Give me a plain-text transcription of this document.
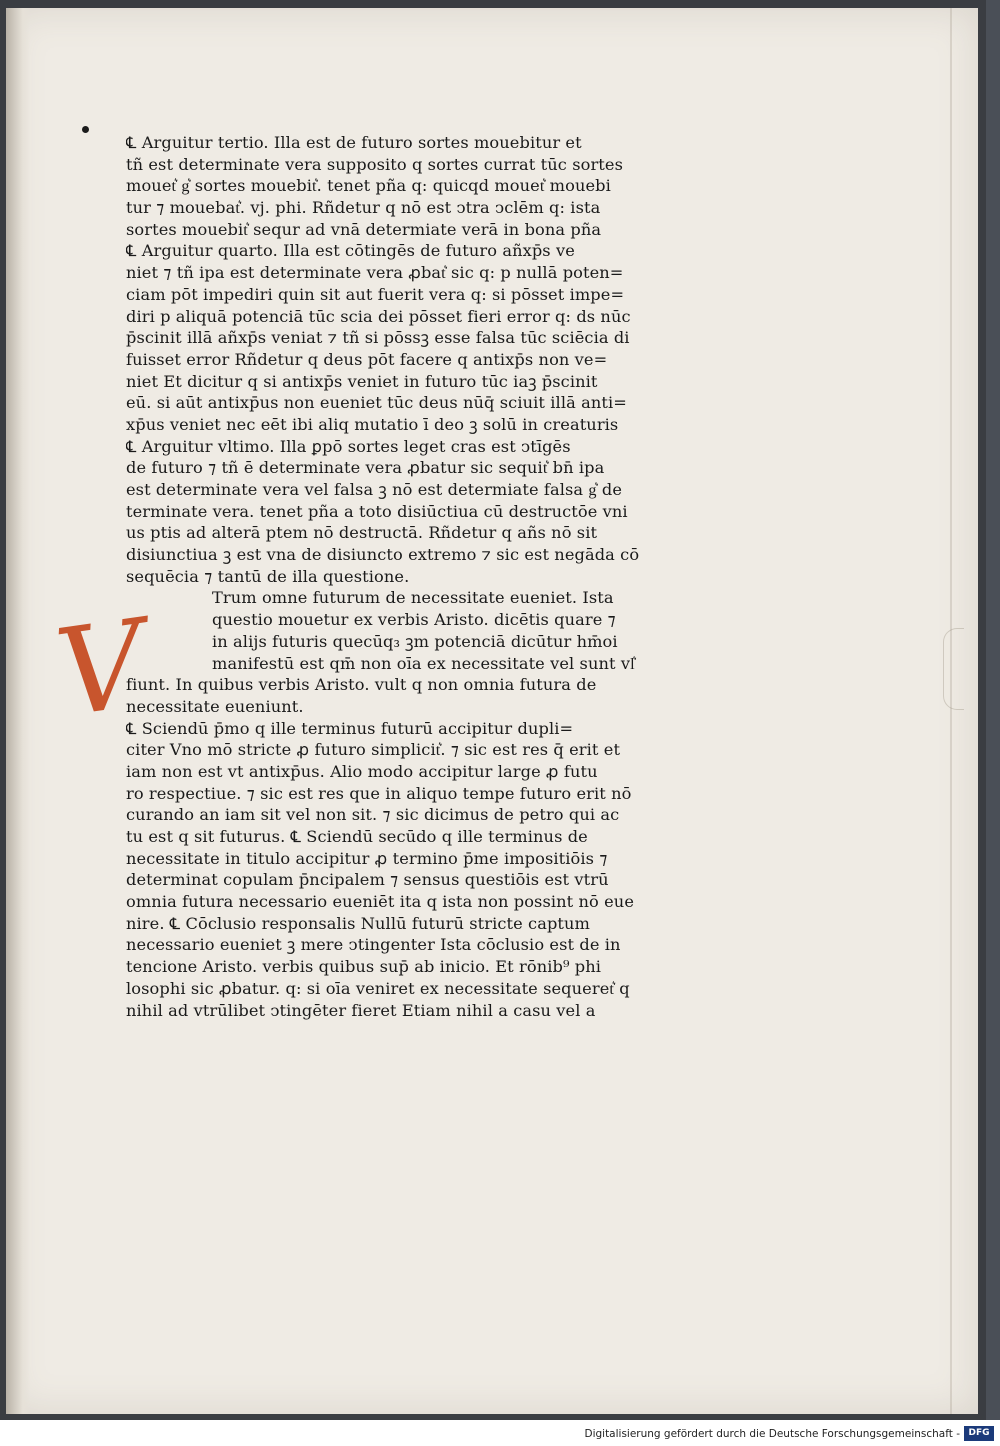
V
℄ Arguitur tertio. Illa est de futuro sortes mouebitur et
tñ est determinate vera supposito q sortes currat tūc sortes
mouet͛ g͛ sortes mouebit͛. tenet pña q: quicqd mouet͛ mouebi
tur ⁊ mouebat͛. vj. phi. Rñdetur q nō est ↄtra ↄclēm q: ista
sortes mouebit͛ sequr ad vnā determiate verā in bona pña
℄ Arguitur quarto. Illa est cōtingēs de futuro añxp̄s ve
niet ⁊ tñ ipa est determinate vera ꝓbat͛ sic q: p nullā poten=
ciam pōt impediri quin sit aut fuerit vera q: si pōsset impe=
diri p aliquā potenciā tūc scia dei pōsset fieri error q: ds nūc
p̄scinit illā añxp̄s veniat ⁊ tñ si pōssꝫ esse falsa tūc sciēcia di
fuisset error Rñdetur q deus pōt facere q antixp̄s non ve=
niet Et dicitur q si antixp̄s veniet in futuro tūc iaꝫ p̄scinit
eū. si aūt antixp̄us non eueniet tūc deus nūq̄ sciuit illā anti=
xp̄us veniet nec eēt ibi aliq mutatio ī deo ꝫ solū in creaturis
℄ Arguitur vltimo. Illa ꝑpō sortes leget cras est ↄtīgēs
de futuro ⁊ tñ ē determinate vera ꝓbatur sic sequit͛ bn̄ ipa
est determinate vera vel falsa ꝫ nō est determiate falsa g͛ de
terminate vera. tenet pña a toto disiūctiua cū destructōe vni
us ptis ad alterā ptem nō destructā. Rñdetur q añs nō sit
disiunctiua ꝫ est vna de disiuncto extremo ⁊ sic est negāda cō
sequēcia ⁊ tantū de illa questione.
Trum omne futurum de necessitate eueniet. Ista
questio mouetur ex verbis Aristo. dicētis quare ⁊
in alijs futuris quecūq₃ ꝫm potenciā dicūtur hm̄oi
manifestū est qm̄ non oīa ex necessitate vel sunt vl͛
fiunt. In quibus verbis Aristo. vult q non omnia futura de
necessitate eueniunt.
℄ Sciendū p̄mo q ille terminus futurū accipitur dupli=
citer Vno mō stricte ꝓ futuro simplicit͛. ⁊ sic est res q̄ erit et
iam non est vt antixp̄us. Alio modo accipitur large ꝓ futu
ro respectiue. ⁊ sic est res que in aliquo tempe futuro erit nō
curando an iam sit vel non sit. ⁊ sic dicimus de petro qui ac
tu est q sit futurus. ℄ Sciendū secūdo q ille terminus de
necessitate in titulo accipitur ꝓ termino p̄me impositiōis ⁊
determinat copulam p̄ncipalem ⁊ sensus questiōis est vtrū
omnia futura necessario eueniēt ita q ista non possint nō eue
nire. ℄ Cōclusio responsalis Nullū futurū stricte captum
necessario eueniet ꝫ mere ↄtingenter Ista cōclusio est de in
tencione Aristo. verbis quibus sup̄ ab inicio. Et rōnib⁹ phi
losophi sic ꝓbatur. q: si oīa veniret ex necessitate sequeret͛ q
nihil ad vtrūlibet ↄtingēter fieret Etiam nihil a casu vel a
Digitalisierung gefördert durch die Deutsche Forschungsgemeinschaft - DFG
